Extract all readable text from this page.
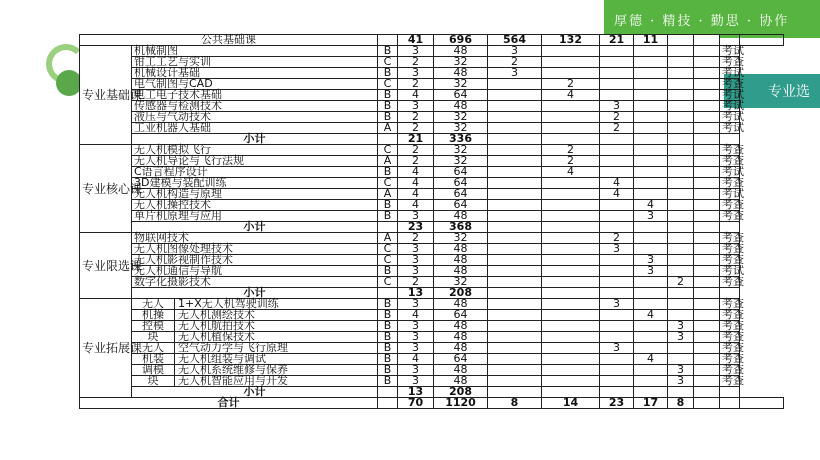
厚德 · 精技 · 勤思 · 协作
专业选
公共基础课			41	696	564	132	21	11				
专业基础课	机械制图	B	3	48	3						考试	
	钳工工艺与实训	C	2	32	2						考查	
	机械设计基础	B	3	48	3						考试	
	电气制图与CAD	C	2	32		2					考查	
	电工电子技术基础	B	4	64		4					考试	
	传感器与检测技术	B	3	48			3				考试	
	液压与气动技术	B	2	32			2				考试	
	工业机器人基础	A	2	32			2				考试	
	小计		21	336								
专业核心课	无人机模拟飞行	C	2	32		2					考查	
	无人机导论与飞行法规	A	2	32		2					考查	
	C语言程序设计	B	4	64		4					考试	
	3D建模与装配训练	C	4	64			4				考查	
	无人机构造与原理	A	4	64			4				考试	
	无人机操控技术	B	4	64				4			考查	
	单片机原理与应用	B	3	48				3			考查	
	小计		23	368								
专业限选课	物联网技术	A	2	32			2				考查	
	无人机图像处理技术	C	3	48			3				考查	
	无人机影视制作技术	C	3	48				3			考查	
	无人机通信与导航	B	3	48				3			考试	
	数字化摄影技术	C	2	32					2		考查	
	小计		13	208								
专业拓展课	无人 1+X无人机驾驶训练	B	3	48			3				考查	

	机操 无人机测绘技术	B	4	64				4			考查	

	控模 无人机航拍技术	B	3	48					3		考查	

	块 无人机植保技术	B	3	48					3		考查	

	无人 空气动力学与飞行原理	B	3	48			3				考查	

	机装 无人机组装与调试	B	4	64				4			考查	

	调模 无人机系统维修与保养	B	3	48					3		考查	

	块 无人机智能应用与开发	B	3	48					3		考查	
	小计		13	208								
合计			70	1120	8	14	23	17	8			
